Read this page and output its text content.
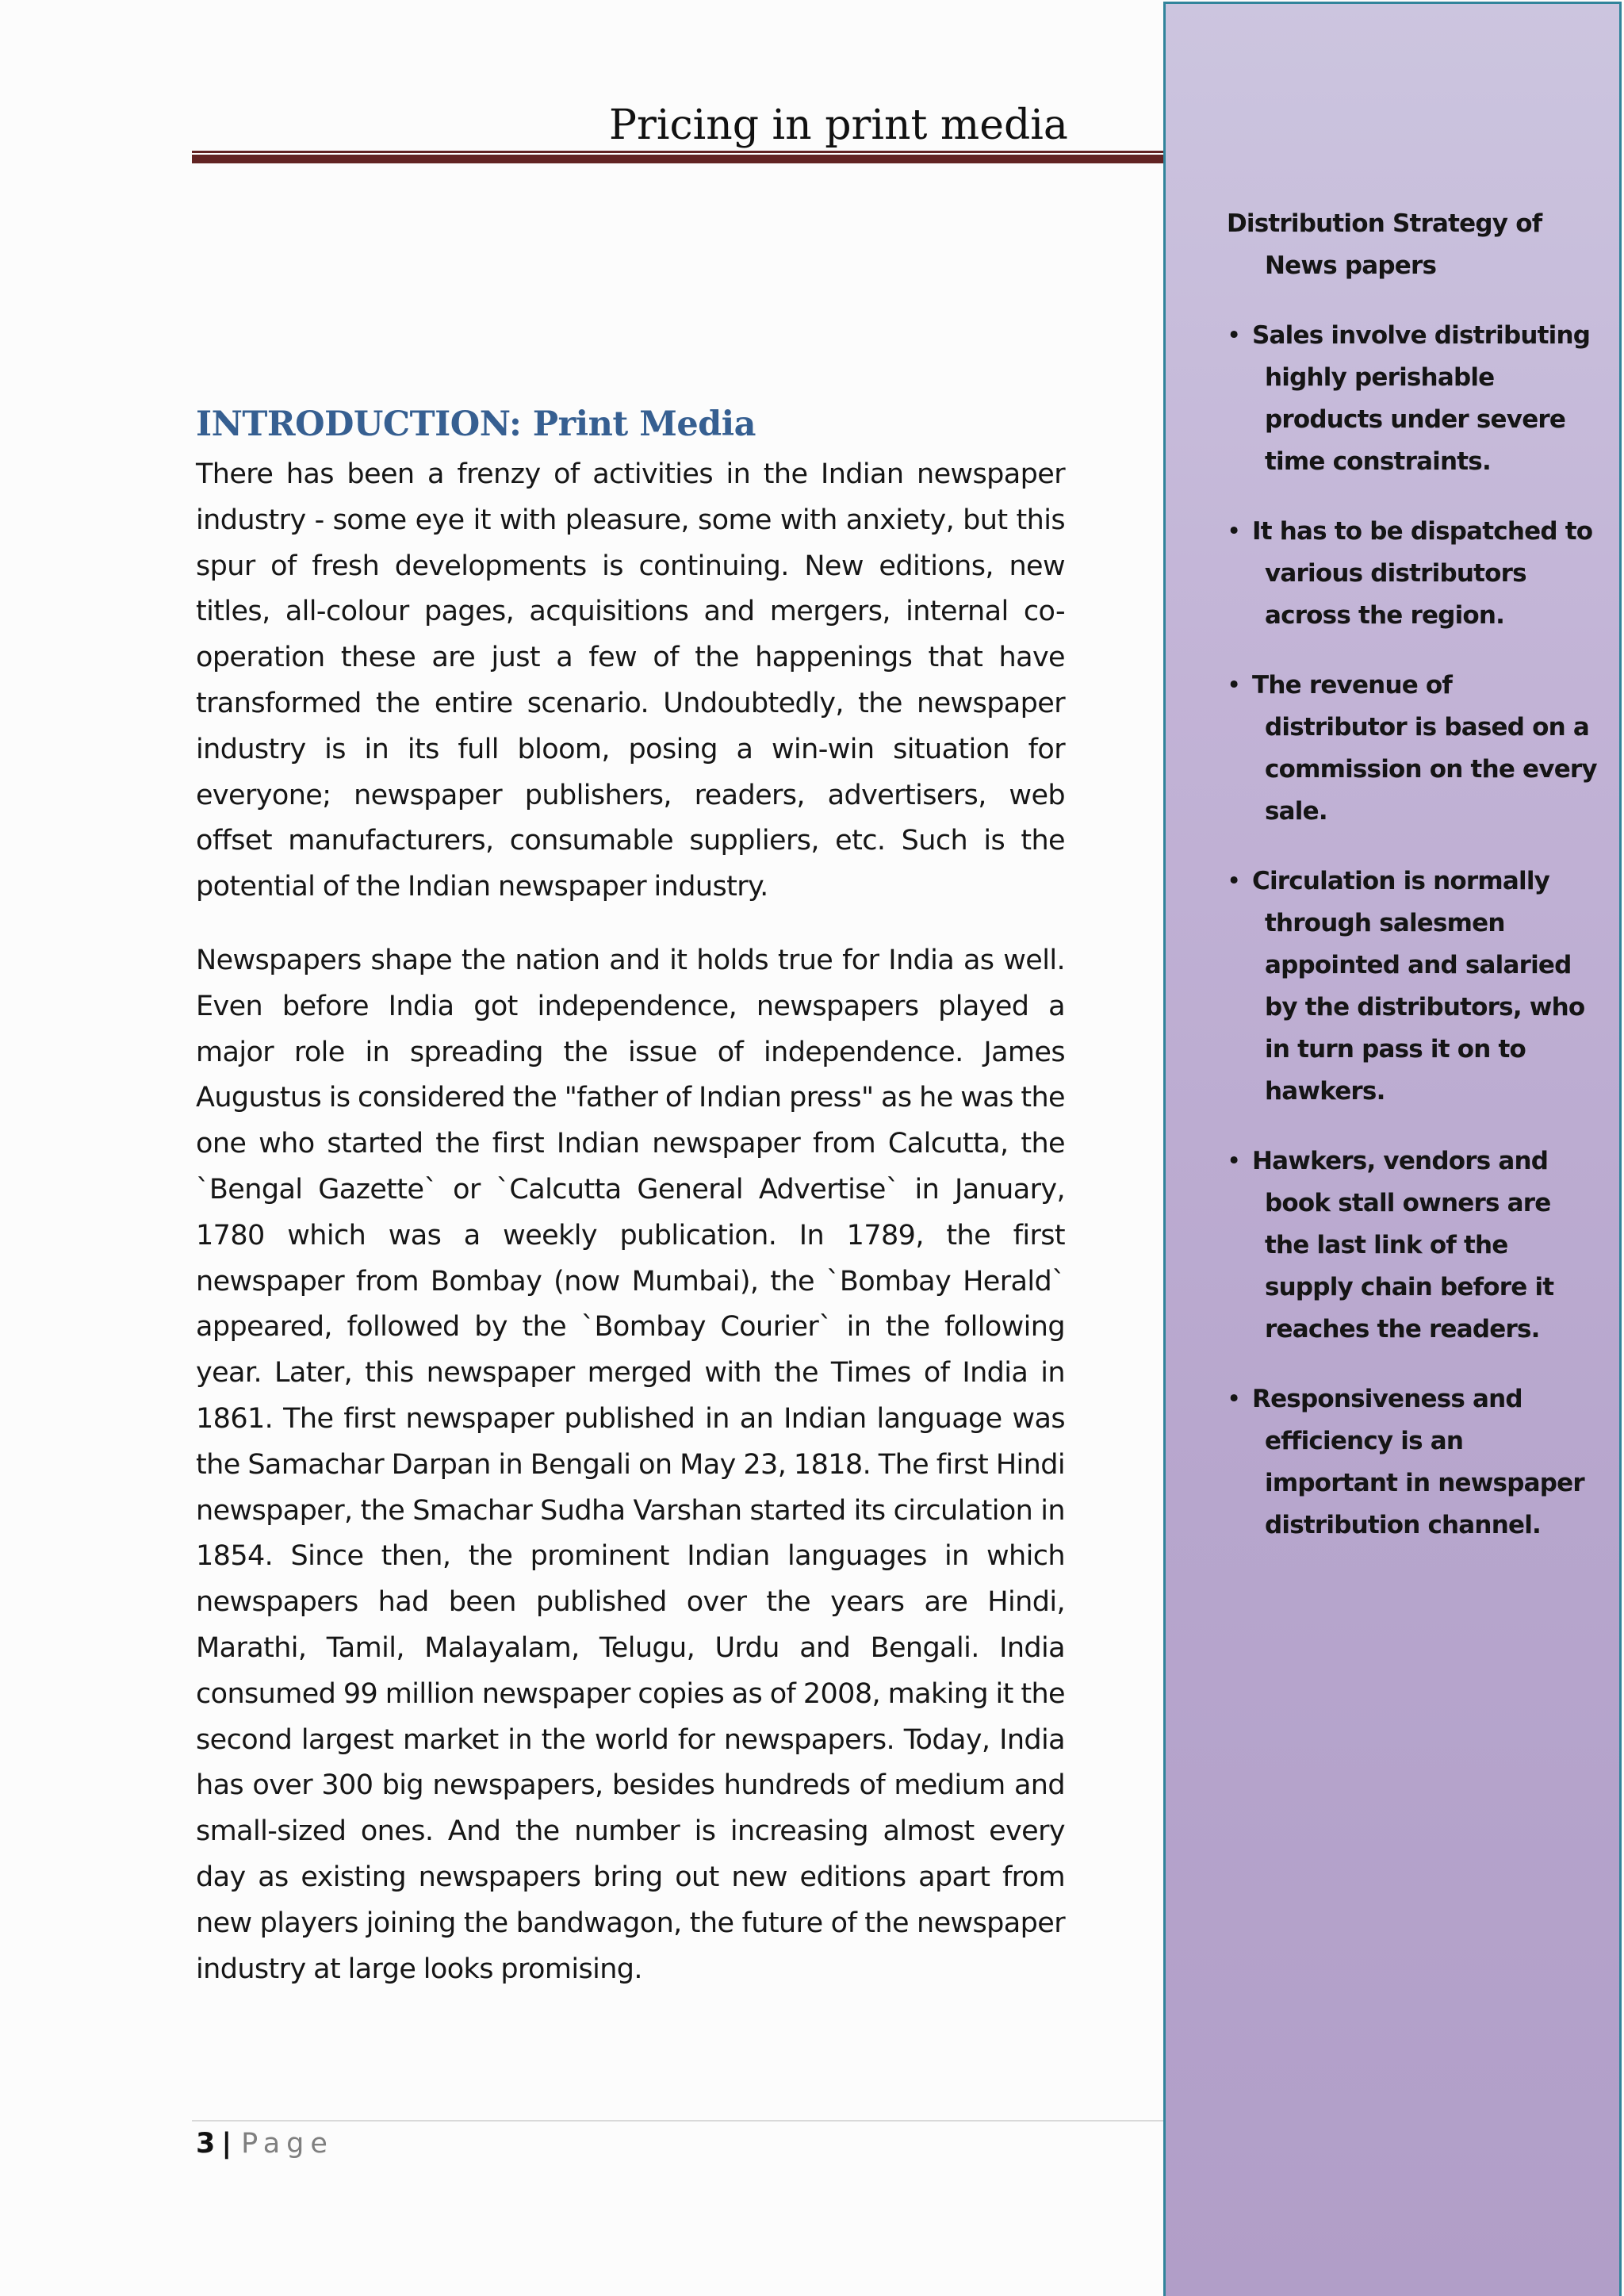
Pricing in print media
INTRODUCTION: Print Media

There has been a frenzy of activities in the Indian newspaper industry - some eye it with pleasure, some with anxiety, but this spur of fresh developments is continuing. New editions, new titles, all-colour pages, acquisitions and mergers, internal co-operation these are just a few of the happenings that have transformed the entire scenario. Undoubtedly, the newspaper industry is in its full bloom, posing a win-win situation for everyone; newspaper publishers, readers, advertisers, web offset manufacturers, consumable suppliers, etc. Such is the potential of the Indian newspaper industry.

Newspapers shape the nation and it holds true for India as well. Even before India got independence, newspapers played a major role in spreading the issue of independence. James Augustus is considered the "father of Indian press" as he was the one who started the first Indian newspaper from Calcutta, the `Bengal Gazette` or `Calcutta General Advertise` in January, 1780 which was a weekly publication. In 1789, the first newspaper from Bombay (now Mumbai), the `Bombay Herald` appeared, followed by the `Bombay Courier` in the following year. Later, this newspaper merged with the Times of India in 1861. The first newspaper published in an Indian language was the Samachar Darpan in Bengali on May 23, 1818. The first Hindi newspaper, the Smachar Sudha Varshan started its circulation in 1854. Since then, the prominent Indian languages in which newspapers had been published over the years are Hindi, Marathi, Tamil, Malayalam, Telugu, Urdu and Bengali. India consumed 99 million newspaper copies as of 2008, making it the second largest market in the world for newspapers. Today, India has over 300 big newspapers, besides hundreds of medium and small-sized ones. And the number is increasing almost every day as existing newspapers bring out new editions apart from new players joining the bandwagon, the future of the newspaper industry at large looks promising.

3 | Page
Distribution Strategy of News papers
• Sales involve distributing highly perishable products under severe time constraints.
• It has to be dispatched to various distributors across the region.
• The revenue of distributor is based on a commission on the every sale.
• Circulation is normally through salesmen appointed and salaried by the distributors, who in turn pass it on to hawkers.
• Hawkers, vendors and book stall owners are the last link of the supply chain before it reaches the readers.
• Responsiveness and efficiency is an important in newspaper distribution channel.
